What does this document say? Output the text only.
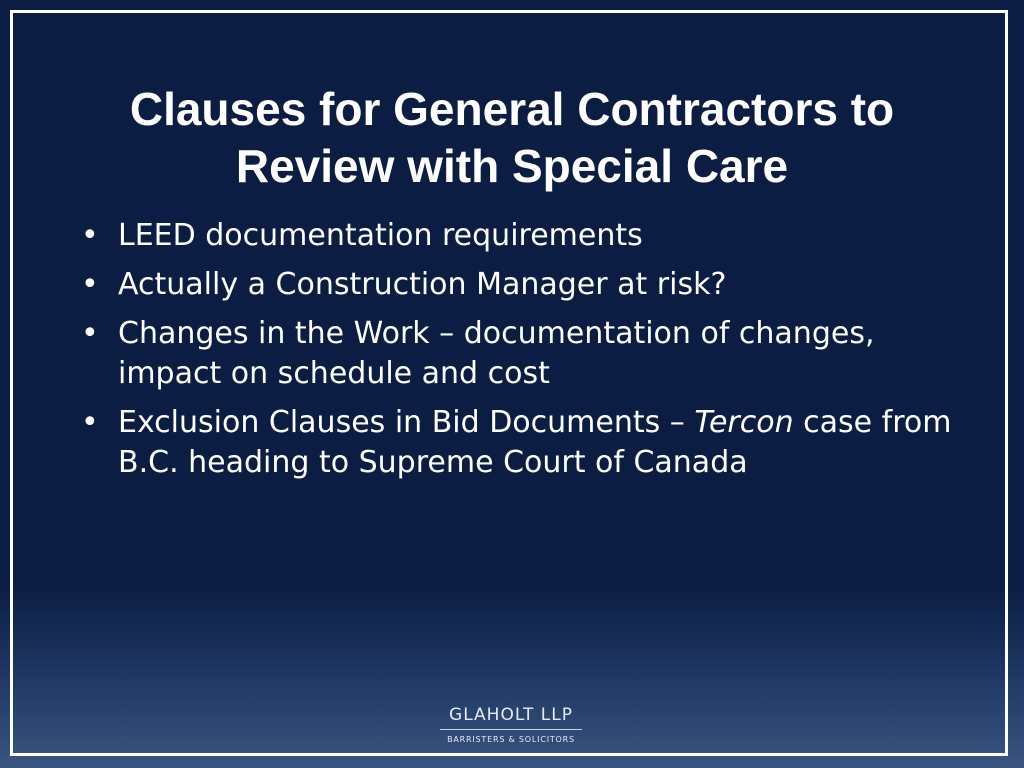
Clauses for General Contractors to
Review with Special Care
• LEED documentation requirements
• Actually a Construction Manager at risk?
• Changes in the Work – documentation of changes, impact on schedule and cost
• Exclusion Clauses in Bid Documents – Tercon case from B.C. heading to Supreme Court of Canada
GLAHOLT LLP
BARRISTERS & SOLICITORS
